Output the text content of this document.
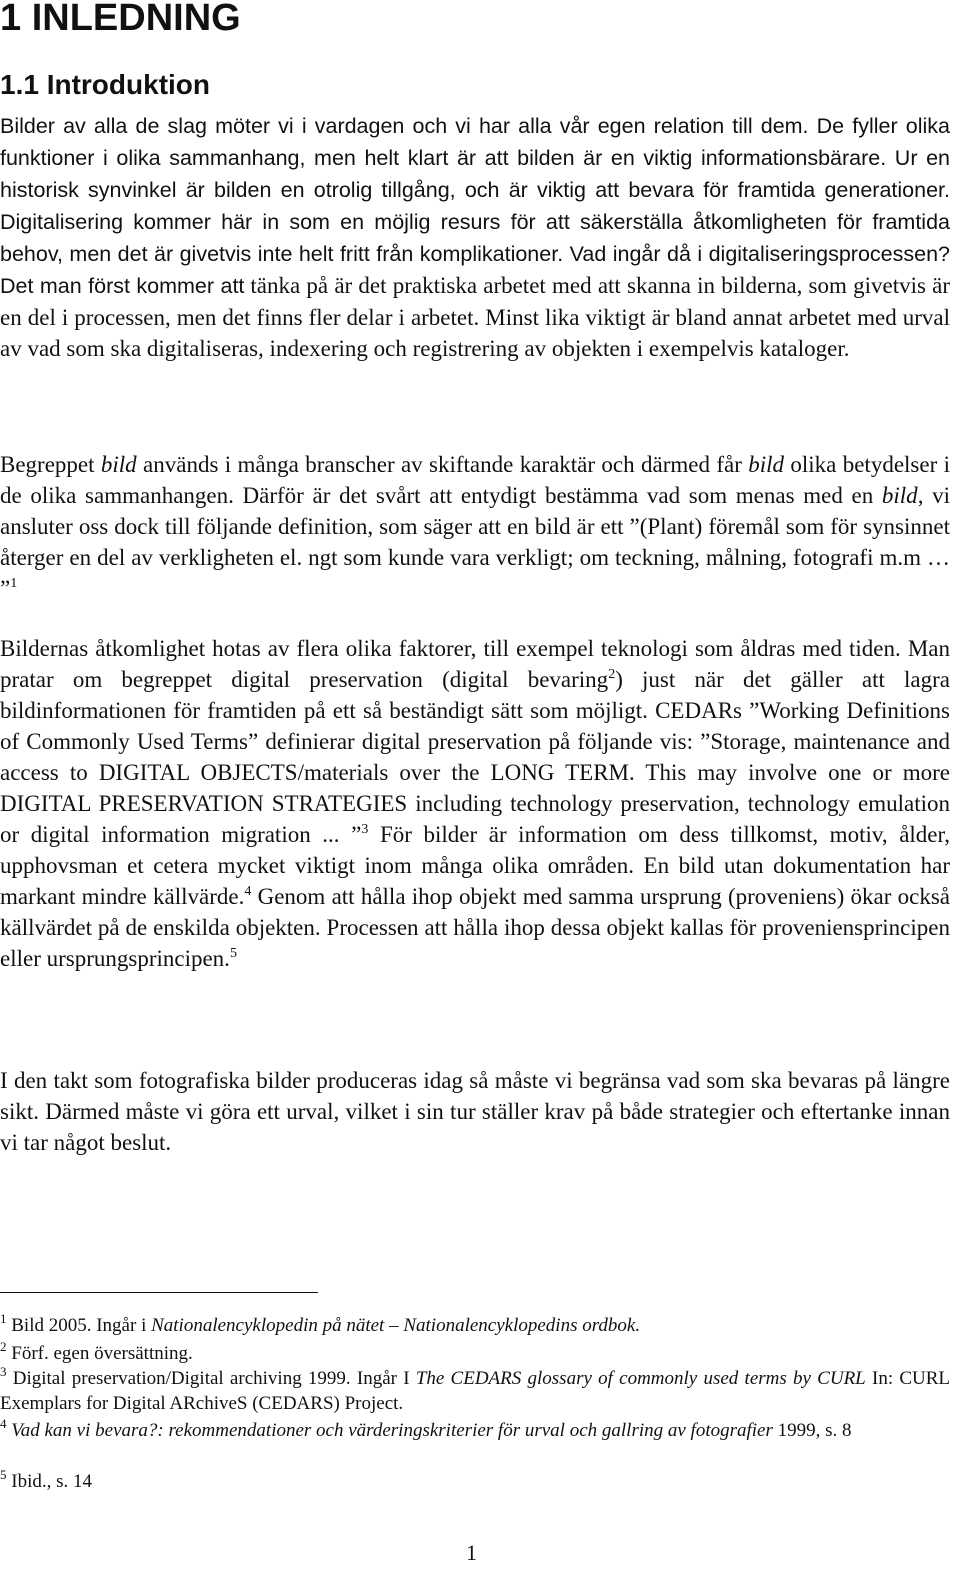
1 INLEDNING
1.1 Introduktion

Bilder av alla de slag möter vi i vardagen och vi har alla vår egen relation till dem. De fyller olika funktioner i olika sammanhang, men helt klart är att bilden är en viktig informationsbärare. Ur en historisk synvinkel är bilden en otrolig tillgång, och är viktig att bevara för framtida generationer. Digitalisering kommer här in som en möjlig resurs för att säkerställa åtkomligheten för framtida behov, men det är givetvis inte helt fritt från komplikationer. Vad ingår då i digitaliseringsprocessen? Det man först kommer att tänka på är det praktiska arbetet med att skanna in bilderna, som givetvis är en del i processen, men det finns fler delar i arbetet. Minst lika viktigt är bland annat arbetet med urval av vad som ska digitaliseras, indexering och registrering av objekten i exempelvis kataloger.

Begreppet bild används i många branscher av skiftande karaktär och därmed får bild olika betydelser i de olika sammanhangen. Därför är det svårt att entydigt bestämma vad som menas med en bild, vi ansluter oss dock till följande definition, som säger att en bild är ett ”(Plant) föremål som för synsinnet återger en del av verkligheten el. ngt som kunde vara verkligt; om teckning, målning, fotografi m.m … ”$^1$

Bildernas åtkomlighet hotas av flera olika faktorer, till exempel teknologi som åldras med tiden. Man pratar om begreppet digital preservation (digital bevaring$^2$) just när det gäller att lagra bildinformationen för framtiden på ett så beständigt sätt som möjligt. CEDARs ”Working Definitions of Commonly Used Terms” definierar digital preservation på följande vis: ”Storage, maintenance and access to DIGITAL OBJECTS/materials over the LONG TERM. This may involve one or more DIGITAL PRESERVATION STRATEGIES including technology preservation, technology emulation or digital information migration ... ”$^3$ För bilder är information om dess tillkomst, motiv, ålder, upphovsman et cetera mycket viktigt inom många olika områden. En bild utan dokumentation har markant mindre källvärde.$^4$ Genom att hålla ihop objekt med samma ursprung (proveniens) ökar också källvärdet på de enskilda objekten. Processen att hålla ihop dessa objekt kallas för proveniensprincipen eller ursprungsprincipen.$^5$

I den takt som fotografiska bilder produceras idag så måste vi begränsa vad som ska bevaras på längre sikt. Därmed måste vi göra ett urval, vilket i sin tur ställer krav på både strategier och eftertanke innan vi tar något beslut.

$^1$ Bild 2005. Ingår i Nationalencyklopedin på nätet – Nationalencyklopedins ordbok.

$^2$ Förf. egen översättning.

$^3$ Digital preservation/Digital archiving 1999. Ingår I The CEDARS glossary of commonly used terms by CURL In: CURL Exemplars for Digital ARchiveS (CEDARS) Project.

$^4$ Vad kan vi bevara?: rekommendationer och värderingskriterier för urval och gallring av fotografier 1999, s. 8

$^5$ Ibid., s. 14

1
